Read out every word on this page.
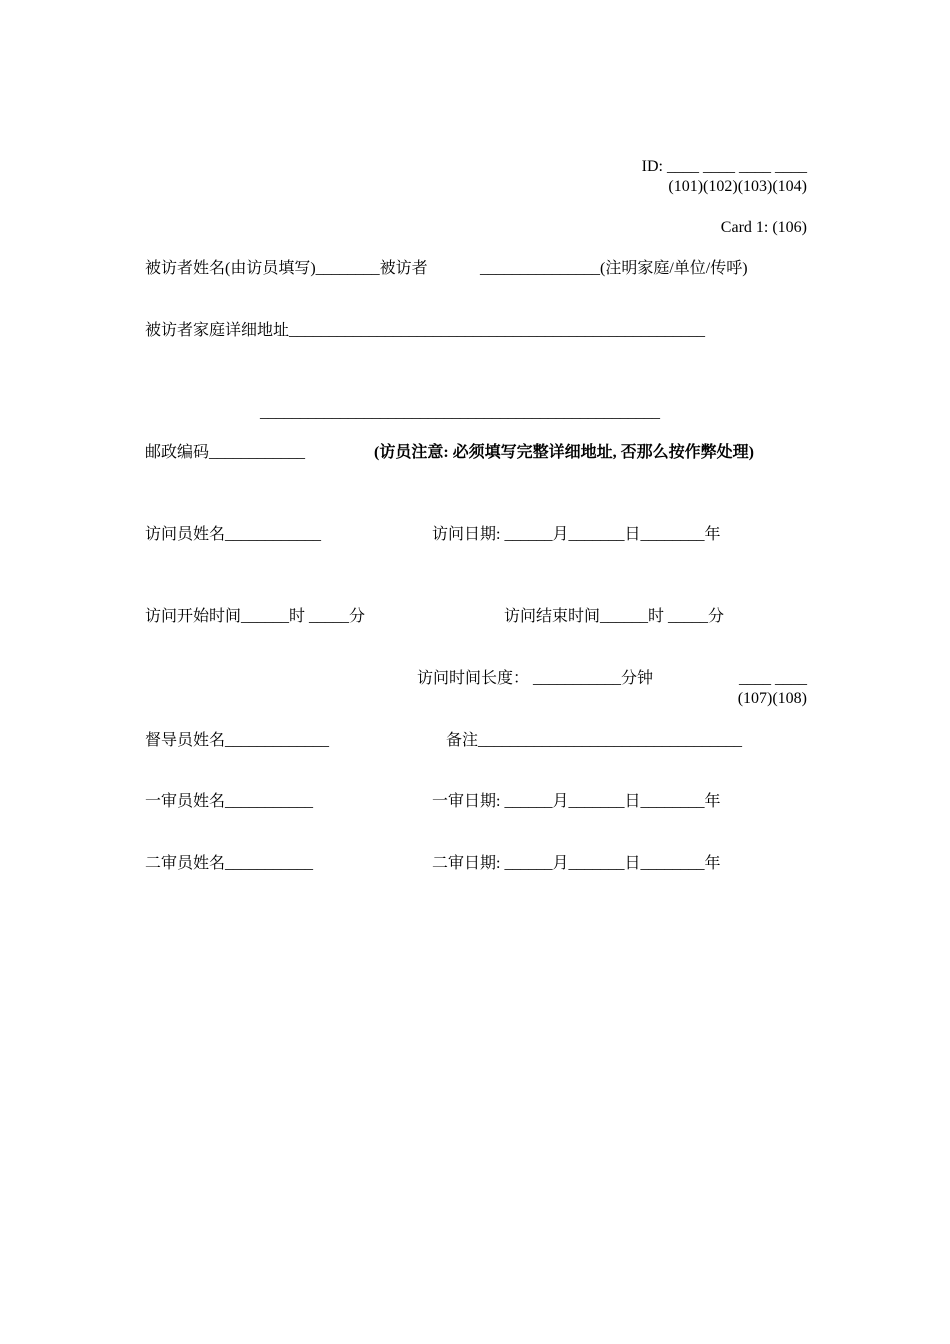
ID: ____ ____ ____ ____
(101)(102)(103)(104)
Card 1: (106)
被访者姓名(由访员填写)________被访者	_______________(注明家庭/单位/传呼)
被访者家庭详细地址____________________________________________________
__________________________________________________
邮政编码____________	(访员注意: 必须填写完整详细地址, 否那么按作弊处理)
访问员姓名____________	访问日期: ______月_______日________年
访问开始时间______时 _____分	访问结束时间______时 _____分
访问时间长度： ___________分钟	____ ____
(107)(108)
督导员姓名_____________	备注_________________________________
一审员姓名___________	一审日期: ______月_______日________年
二审员姓名___________	二审日期: ______月_______日________年
